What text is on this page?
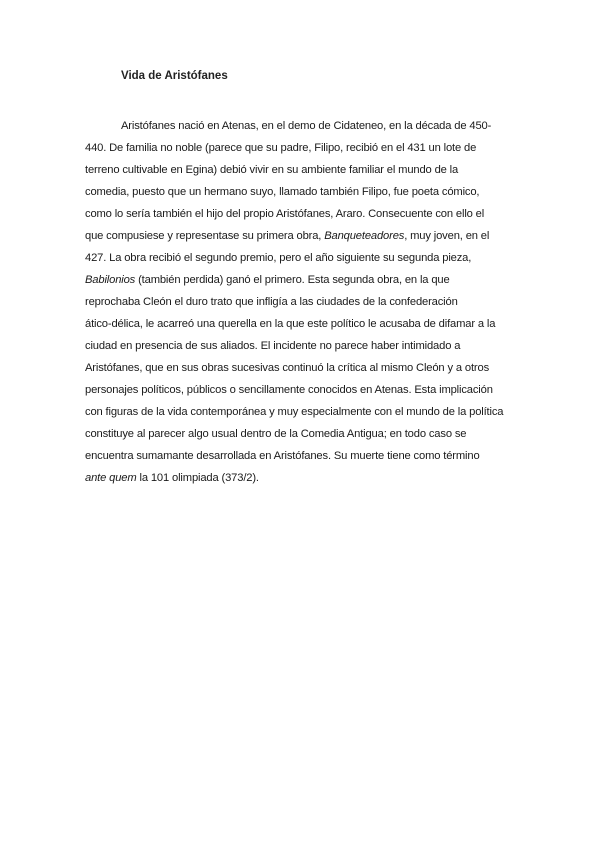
Vida de Aristófanes
Aristófanes nació en Atenas, en el demo de Cidateneo, en la década de 450-
440. De familia no noble (parece que su padre, Filipo, recibió en el 431 un lote de
terreno cultivable en Egina) debió vivir en su ambiente familiar el mundo de la
comedia, puesto que un hermano suyo, llamado también Filipo, fue poeta cómico,
como lo sería también el hijo del propio Aristófanes, Araro. Consecuente con ello el
que compusiese y representase su primera obra, Banqueteadores, muy joven, en el
427. La obra recibió el segundo premio, pero el año siguiente su segunda pieza,
Babilonios (también perdida) ganó el primero. Esta segunda obra, en la que
reprochaba Cleón el duro trato que infligía a las ciudades de la confederación
ático-délica, le acarreó una querella en la que este político le acusaba de difamar a la
ciudad en presencia de sus aliados. El incidente no parece haber intimidado a
Aristófanes, que en sus obras sucesivas continuó la crítica al mismo Cleón y a otros
personajes políticos, públicos o sencillamente conocidos en Atenas. Esta implicación
con figuras de la vida contemporánea y muy especialmente con el mundo de la política
constituye al parecer algo usual dentro de la Comedia Antigua; en todo caso se
encuentra sumamante desarrollada en Aristófanes. Su muerte tiene como término
ante quem la 101 olimpiada (373/2).
